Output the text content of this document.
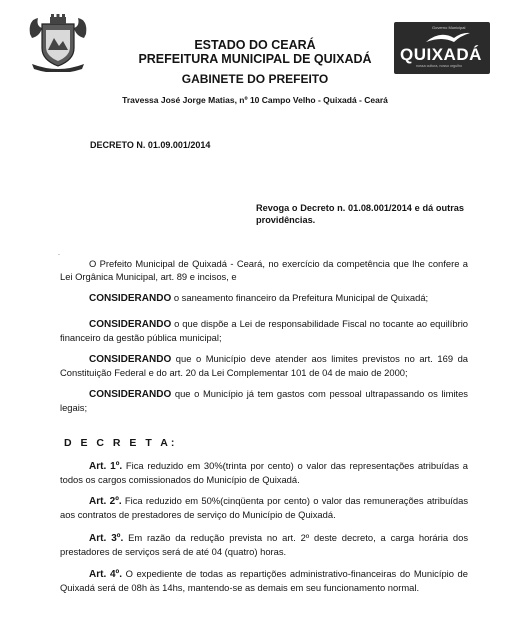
Governo Municipal
QUIXADÁ
nossa cultura, nosso orgulho
ESTADO DO CEARÁ
PREFEITURA MUNICIPAL DE QUIXADÁ
GABINETE DO PREFEITO
Travessa José Jorge Matias, nº 10 Campo Velho - Quixadá - Ceará
DECRETO N. 01.09.001/2014
Revoga o Decreto n. 01.08.001/2014 e dá outras providências.
O Prefeito Municipal de Quixadá - Ceará, no exercício da competência que lhe confere a Lei Orgânica Municipal, art. 89 e incisos, e
CONSIDERANDO o saneamento financeiro da Prefeitura Municipal de Quixadá;
CONSIDERANDO o que dispõe a Lei de responsabilidade Fiscal no tocante ao equilíbrio financeiro da gestão pública municipal;
CONSIDERANDO que o Município deve atender aos limites previstos no art. 169 da Constituição Federal e do art. 20 da Lei Complementar 101 de 04 de maio de 2000;
CONSIDERANDO que o Município já tem gastos com pessoal ultrapassando os limites legais;
D E C R E T A:
Art. 1º. Fica reduzido em 30%(trinta por cento) o valor das representações atribuídas a todos os cargos comissionados do Município de Quixadá.
Art. 2º. Fica reduzido em 50%(cinqüenta por cento) o valor das remunerações atribuídas aos contratos de prestadores de serviço do Município de Quixadá.
Art. 3º. Em razão da redução prevista no art. 2º deste decreto, a carga horária dos prestadores de serviços será de até 04 (quatro) horas.
Art. 4º. O expediente de todas as repartições administrativo-financeiras do Município de Quixadá será de 08h às 14hs, mantendo-se as demais em seu funcionamento normal.
